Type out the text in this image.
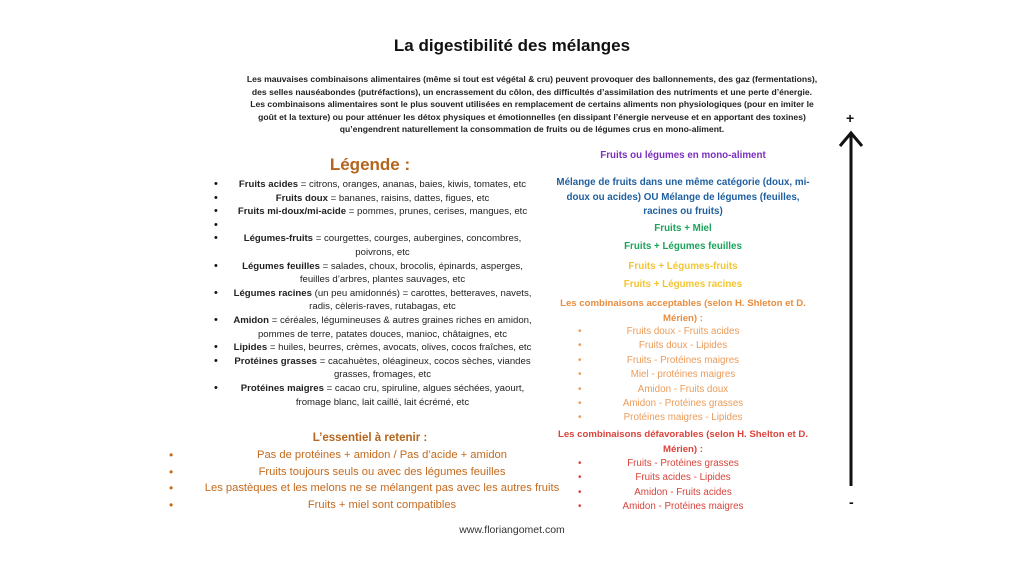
La digestibilité des mélanges
Les mauvaises combinaisons alimentaires (même si tout est végétal & cru) peuvent provoquer des ballonnements, des gaz (fermentations), des selles nauséabondes (putréfactions), un encrassement du côlon, des difficultés d’assimilation des nutriments et une perte d’énergie. Les combinaisons alimentaires sont le plus souvent utilisées en remplacement de certains aliments non physiologiques (pour en imiter le goût et la texture) ou pour atténuer les détox physiques et émotionnelles (en dissipant l’énergie nerveuse et en apportant des toxines) qu’engendrent naturellement la consommation de fruits ou de légumes crus en mono-aliment.
Légende :
• Fruits acides = citrons, oranges, ananas, baies, kiwis, tomates, etc
• Fruits doux = bananes, raisins, dattes, figues, etc
• Fruits mi-doux/mi-acide = pommes, prunes, cerises, mangues, etc
•
• Légumes-fruits = courgettes, courges, aubergines, concombres, poivrons, etc
• Légumes feuilles = salades, choux, brocolis, épinards, asperges, feuilles d’arbres, plantes sauvages, etc
• Légumes racines (un peu amidonnés) = carottes, betteraves, navets, radis, cèleris-raves, rutabagas, etc
• Amidon = céréales, légumineuses & autres graines riches en amidon, pommes de terre, patates douces, manioc, châtaignes, etc
• Lipides = huiles, beurres, crèmes, avocats, olives, cocos fraîches, etc
• Protéines grasses = cacahuètes, oléagineux, cocos sèches, viandes grasses, fromages, etc
• Protéines maigres = cacao cru, spiruline, algues séchées, yaourt, fromage blanc, lait caillé, lait écrémé, etc
L’essentiel à retenir :
• Pas de protéines + amidon / Pas d’acide + amidon
• Fruits toujours seuls ou avec des légumes feuilles
• Les pastèques et les melons ne se mélangent pas avec les autres fruits
• Fruits + miel sont compatibles
Fruits ou légumes en mono-aliment
Mélange de fruits dans une même catégorie (doux, mi-doux ou acides) OU Mélange de légumes (feuilles, racines ou fruits)
Fruits + Miel
Fruits + Légumes feuilles
Fruits + Légumes-fruits
Fruits + Légumes racines
Les combinaisons acceptables (selon H. Shleton et D. Mérien) :
• Fruits doux - Fruits acides
• Fruits doux - Lipides
• Fruits - Protéines maigres
• Miel - protéines maigres
• Amidon - Fruits doux
• Amidon - Protéines grasses
• Protéines maigres - Lipides
Les combinaisons défavorables (selon H. Shelton et D. Mérien) :
• Fruits - Protéines grasses
• Fruits acides - Lipides
• Amidon - Fruits acides
• Amidon - Protéines maigres
+
-
www.floriangomet.com
